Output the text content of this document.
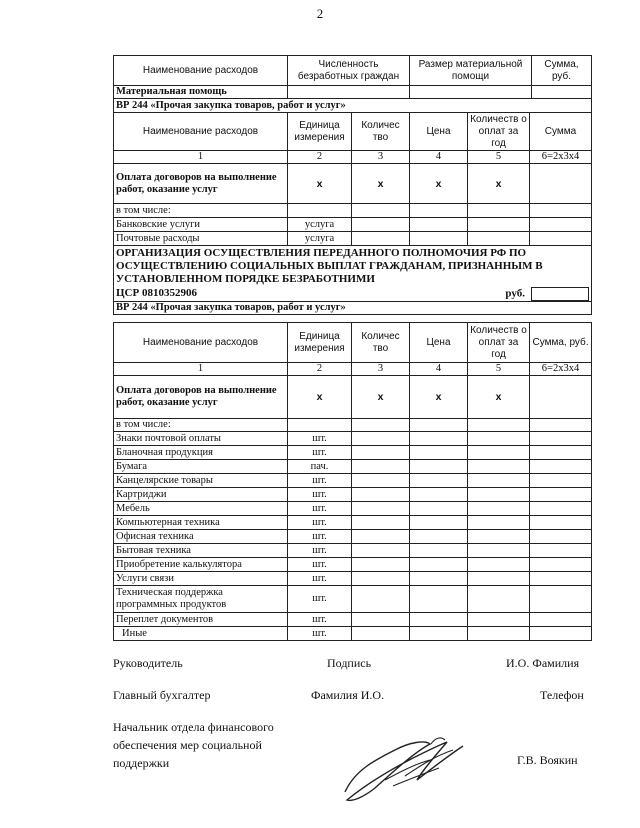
2
Наименование расходов	Численность безработных граждан	Размер материальной помощи	Сумма, руб.
Материальная помощь			
ВР 244 «Прочая закупка товаров, работ и услуг»			
Наименование расходов	Единица измерения	Количес тво	Цена	Количеств о оплат за год	Сумма
1	2	3	4	5	6=2х3х4
Оплата договоров на выполнение работ, оказание услуг	х	х	х	х	
в том числе:					
Банковские услуги	услуга				
Почтовые расходы	услуга				

ОРГАНИЗАЦИЯ ОСУЩЕСТВЛЕНИЯ ПЕРЕДАННОГО ПОЛНОМОЧИЯ РФ ПО ОСУЩЕСТВЛЕНИЮ СОЦИАЛЬНЫХ ВЫПЛАТ ГРАЖДАНАМ, ПРИЗНАННЫМ В УСТАНОВЛЕННОМ ПОРЯДКЕ БЕЗРАБОТНИМИ
ЦСР 0810352906 руб.					

ВР 244 «Прочая закупка товаров, работ и услуг»					
Наименование расходов	Единица измерения	Количес тво	Цена	Количеств о оплат за год	Сумма, руб.
1	2	3	4	5	6=2х3х4
Оплата договоров на выполнение работ, оказание услуг	х	х	х	х	
в том числе:					
Знаки почтовой оплаты	шт.				
Бланочная продукция	шт.				
Бумага	пач.				
Канцелярские товары	шт.				
Картриджи	шт.				
Мебель	шт.				
Компьютерная техника	шт.				
Офисная техника	шт.				
Бытовая техника	шт.				
Приобретение калькулятора	шт.				
Услуги связи	шт.				
Техническая поддержка программных продуктов	шт.				
Переплет документов	шт.				
Иные	шт.				
Руководитель	Подпись	И.О. Фамилия
Главный бухгалтер	Фамилия И.О.	Телефон
Начальник отдела финансового обеспечения мер социальной поддержки	Г.В. Воякин
